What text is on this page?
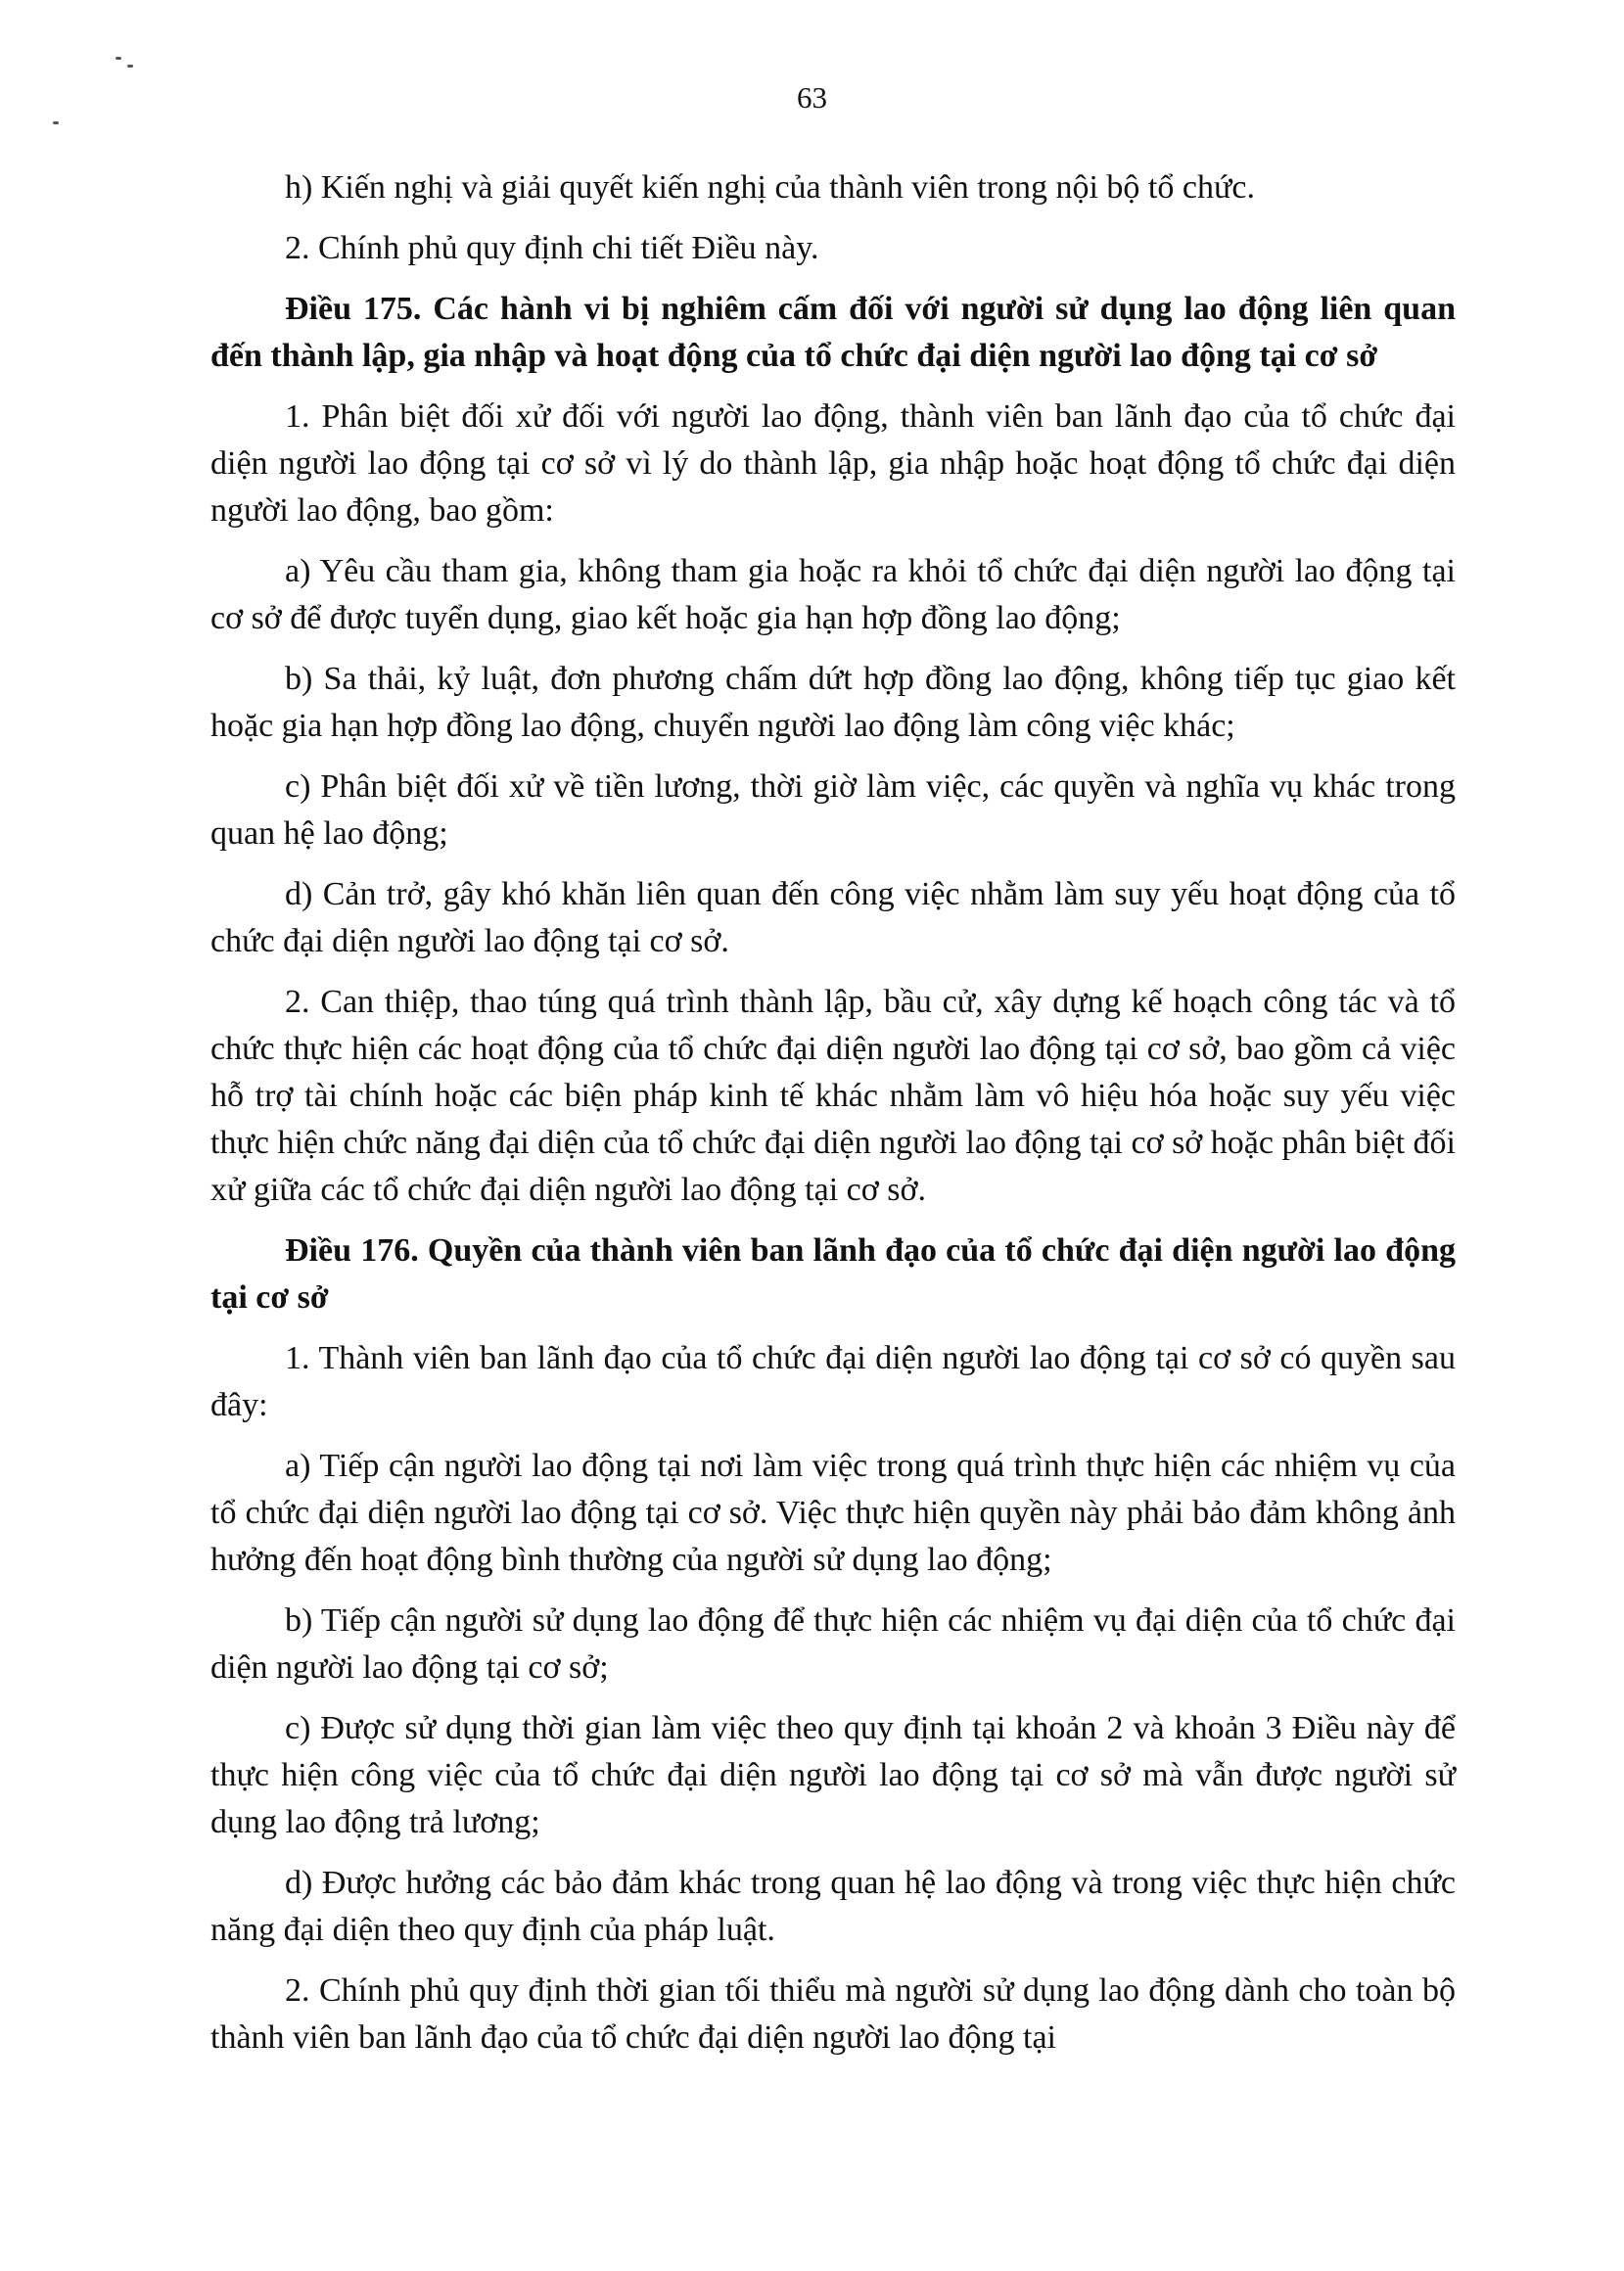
63

h) Kiến nghị và giải quyết kiến nghị của thành viên trong nội bộ tổ chức.

2. Chính phủ quy định chi tiết Điều này.

Điều 175. Các hành vi bị nghiêm cấm đối với người sử dụng lao động liên quan đến thành lập, gia nhập và hoạt động của tổ chức đại diện người lao động tại cơ sở

1. Phân biệt đối xử đối với người lao động, thành viên ban lãnh đạo của tổ chức đại diện người lao động tại cơ sở vì lý do thành lập, gia nhập hoặc hoạt động tổ chức đại diện người lao động, bao gồm:

a) Yêu cầu tham gia, không tham gia hoặc ra khỏi tổ chức đại diện người lao động tại cơ sở để được tuyển dụng, giao kết hoặc gia hạn hợp đồng lao động;

b) Sa thải, kỷ luật, đơn phương chấm dứt hợp đồng lao động, không tiếp tục giao kết hoặc gia hạn hợp đồng lao động, chuyển người lao động làm công việc khác;

c) Phân biệt đối xử về tiền lương, thời giờ làm việc, các quyền và nghĩa vụ khác trong quan hệ lao động;

d) Cản trở, gây khó khăn liên quan đến công việc nhằm làm suy yếu hoạt động của tổ chức đại diện người lao động tại cơ sở.

2. Can thiệp, thao túng quá trình thành lập, bầu cử, xây dựng kế hoạch công tác và tổ chức thực hiện các hoạt động của tổ chức đại diện người lao động tại cơ sở, bao gồm cả việc hỗ trợ tài chính hoặc các biện pháp kinh tế khác nhằm làm vô hiệu hóa hoặc suy yếu việc thực hiện chức năng đại diện của tổ chức đại diện người lao động tại cơ sở hoặc phân biệt đối xử giữa các tổ chức đại diện người lao động tại cơ sở.

Điều 176. Quyền của thành viên ban lãnh đạo của tổ chức đại diện người lao động tại cơ sở

1. Thành viên ban lãnh đạo của tổ chức đại diện người lao động tại cơ sở có quyền sau đây:

a) Tiếp cận người lao động tại nơi làm việc trong quá trình thực hiện các nhiệm vụ của tổ chức đại diện người lao động tại cơ sở. Việc thực hiện quyền này phải bảo đảm không ảnh hưởng đến hoạt động bình thường của người sử dụng lao động;

b) Tiếp cận người sử dụng lao động để thực hiện các nhiệm vụ đại diện của tổ chức đại diện người lao động tại cơ sở;

c) Được sử dụng thời gian làm việc theo quy định tại khoản 2 và khoản 3 Điều này để thực hiện công việc của tổ chức đại diện người lao động tại cơ sở mà vẫn được người sử dụng lao động trả lương;

d) Được hưởng các bảo đảm khác trong quan hệ lao động và trong việc thực hiện chức năng đại diện theo quy định của pháp luật.

2. Chính phủ quy định thời gian tối thiểu mà người sử dụng lao động dành cho toàn bộ thành viên ban lãnh đạo của tổ chức đại diện người lao động tại
